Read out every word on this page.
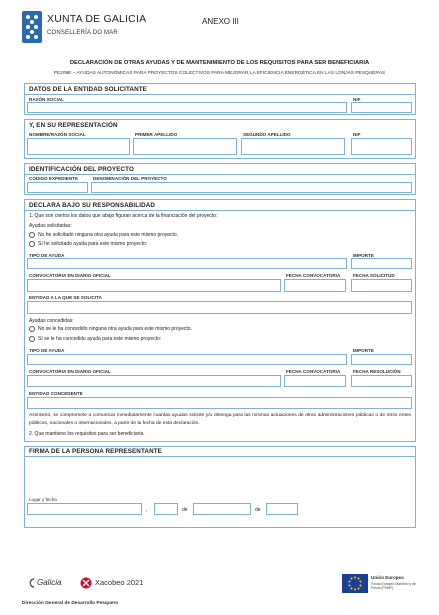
XUNTA DE GALICIA
CONSELLERÍA DO MAR
ANEXO III
DECLARACIÓN DE OTRAS AYUDAS Y DE MANTENIMIENTO DE LOS REQUISITOS PARA SER BENEFICIARIA
PE209E – AYUDAS AUTONÓMICAS PARA PROYECTOS COLECTIVOS PARA MEJORAR LA EFICIENCIA ENERGÉTICA EN LAS LONJAS PESQUERAS
DATOS DE LA ENTIDAD SOLICITANTE
RAZÓN SOCIAL	NIF
Y, EN SU REPRESENTACIÓN
NOMBRE/RAZÓN SOCIAL	PRIMER APELLIDO	SEGUNDO APELLIDO	NIF
IDENTIFICACIÓN DEL PROYECTO
CÓDIGO EXPEDIENTE	DENOMINACIÓN DEL PROYECTO
DECLARA BAJO SU RESPONSABILIDAD
1. Que son ciertos los datos que abajo figuran acerca de la financiación del proyecto:
Ayudas solicitadas:
No he solicitado ninguna otra ayuda para este mismo proyecto.
Sí he solicitado ayuda para este mismo proyecto:
TIPO DE AYUDA	IMPORTE
CONVOCATORIA EN DIARIO OFICIAL	FECHA CONVOCATORIA	FECHA SOLICITUD
ENTIDAD A LA QUE SE SOLICITA
Ayudas concedidas:
No se le ha concedido ninguna otra ayuda para este mismo proyecto.
Sí se le ha concedido ayuda para este mismo proyecto:
TIPO DE AYUDA	IMPORTE
CONVOCATORIA EN DIARIO OFICIAL	FECHA CONVOCATORIA	FECHA RESOLUCIÓN
ENTIDAD CONCEDENTE
Asimismo, se compromete a comunicar inmediatamente cuantas ayudas solicite y/u obtenga para las mismas actuaciones de otras administraciones públicas o de otros entes públicos, nacionales o internacionales, a partir de la fecha de esta declaración.
2. Que mantiene los requisitos para ser beneficiaria.
FIRMA DE LA PERSONA REPRESENTANTE
Lugar y fecha
,	de	de
Galicia	Xacobeo 2021
Unión Europea
Fondo Europeo Marítimo y de Pesca (FEMP)
Dirección General de Desarrollo Pesquero
